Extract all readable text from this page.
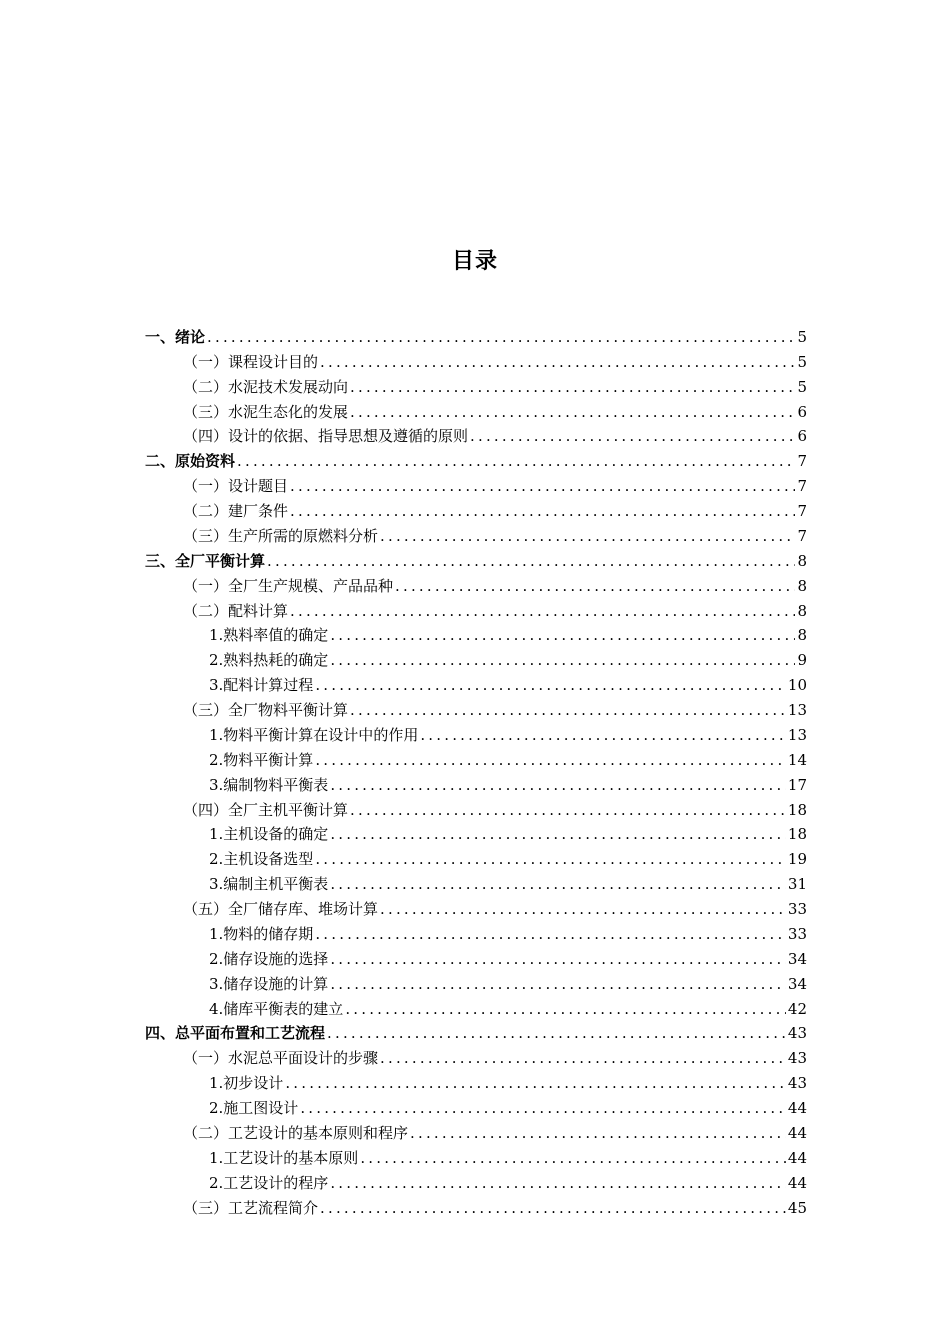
目录
一、绪论 .....	5
（一）课程设计目的 .....	5
（二）水泥技术发展动向 .....	5
（三）水泥生态化的发展 .....	6
（四）设计的依据、指导思想及遵循的原则 .....	6
二、原始资料 .....	7
（一）设计题目 .....	7
（二）建厂条件 .....	7
（三）生产所需的原燃料分析 .....	7
三、全厂平衡计算 .....	8
（一）全厂生产规模、产品品种 .....	8
（二）配料计算 .....	8
1.熟料率值的确定 .....	8
2.熟料热耗的确定 .....	9
3.配料计算过程 .....	10
（三）全厂物料平衡计算 .....	13
1.物料平衡计算在设计中的作用 .....	13
2.物料平衡计算 .....	14
3.编制物料平衡表 .....	17
（四）全厂主机平衡计算 .....	18
1.主机设备的确定 .....	18
2.主机设备选型 .....	19
3.编制主机平衡表 .....	31
（五）全厂储存库、堆场计算 .....	33
1.物料的储存期 .....	33
2.储存设施的选择 .....	34
3.储存设施的计算 .....	34
4.储库平衡表的建立 .....	42
四、总平面布置和工艺流程 .....	43
（一）水泥总平面设计的步骤 .....	43
1.初步设计 .....	43
2.施工图设计 .....	44
（二）工艺设计的基本原则和程序 .....	44
1.工艺设计的基本原则 .....	44
2.工艺设计的程序 .....	44
（三）工艺流程简介 .....	45
